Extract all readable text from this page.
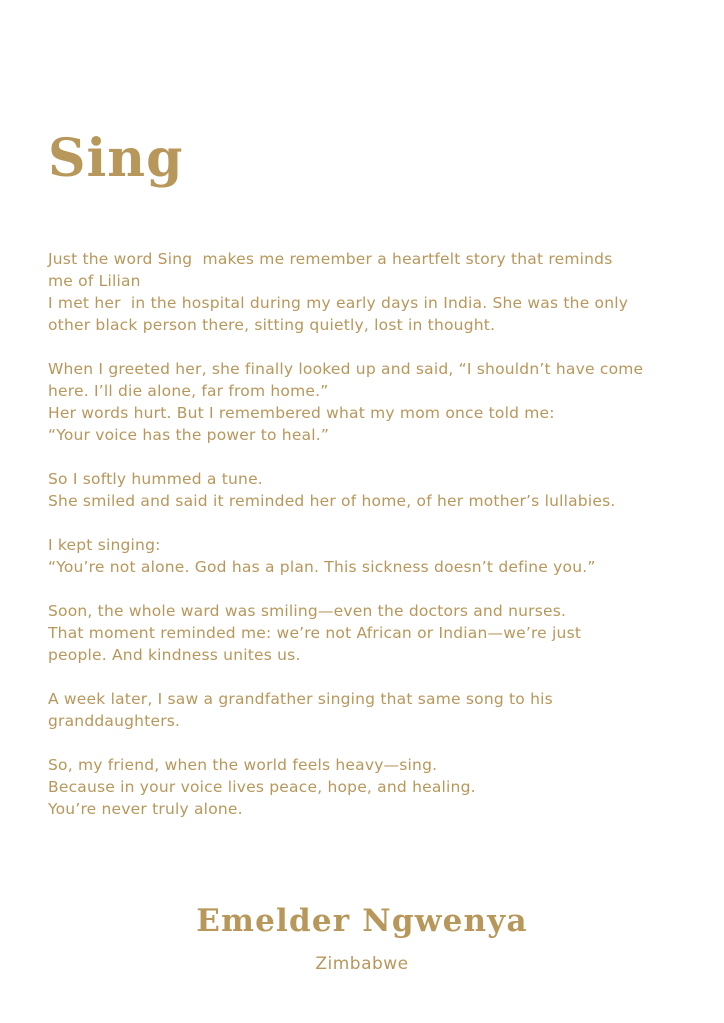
Sing
Just the word Sing  makes me remember a heartfelt story that reminds
me of Lilian
I met her  in the hospital during my early days in India. She was the only
other black person there, sitting quietly, lost in thought.
When I greeted her, she finally looked up and said, “I shouldn’t have come
here. I’ll die alone, far from home.”
Her words hurt. But I remembered what my mom once told me:
“Your voice has the power to heal.”
So I softly hummed a tune.
She smiled and said it reminded her of home, of her mother’s lullabies.
I kept singing:
“You’re not alone. God has a plan. This sickness doesn’t define you.”
Soon, the whole ward was smiling—even the doctors and nurses.
That moment reminded me: we’re not African or Indian—we’re just
people. And kindness unites us.
A week later, I saw a grandfather singing that same song to his
granddaughters.
So, my friend, when the world feels heavy—sing.
Because in your voice lives peace, hope, and healing.
You’re never truly alone.
Emelder Ngwenya
Zimbabwe
